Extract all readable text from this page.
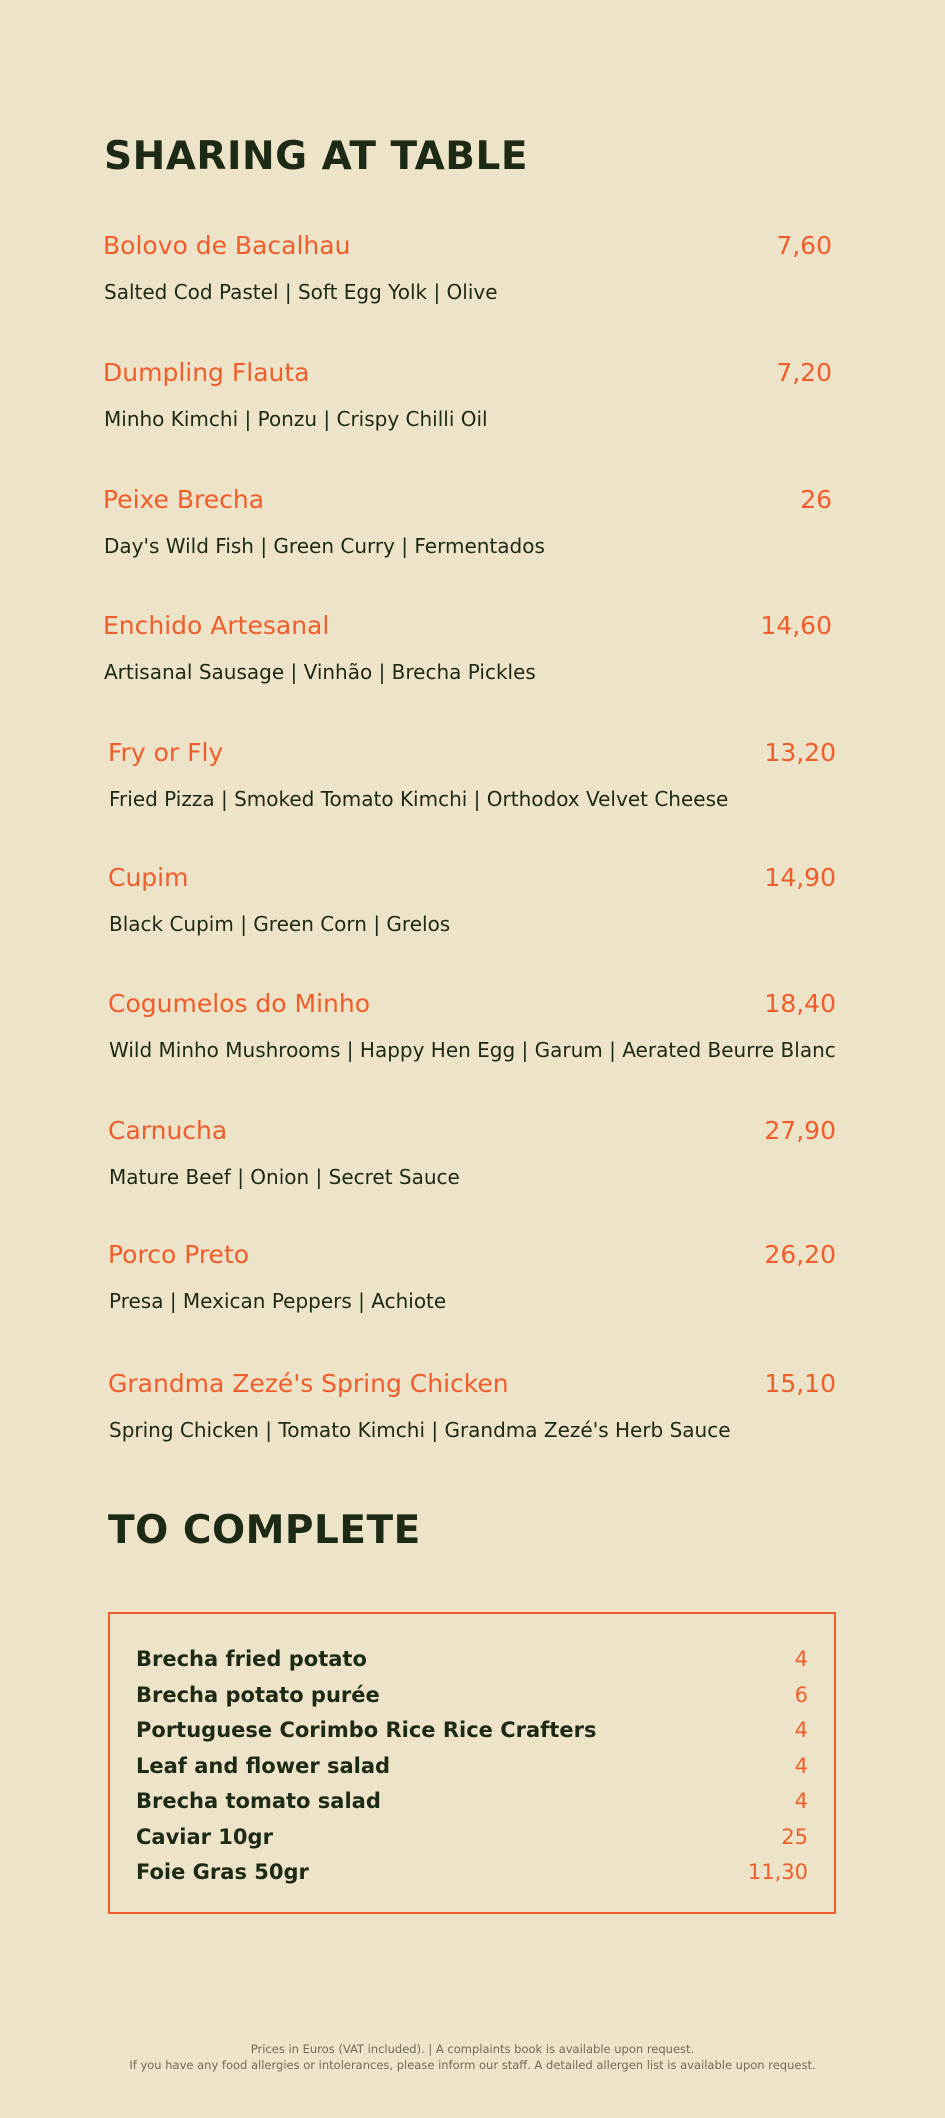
SHARING AT TABLE
Bolovo de Bacalhau	7,60
Salted Cod Pastel | Soft Egg Yolk | Olive
Dumpling Flauta	7,20
Minho Kimchi | Ponzu | Crispy Chilli Oil
Peixe Brecha	26
Day's Wild Fish | Green Curry | Fermentados
Enchido Artesanal	14,60
Artisanal Sausage | Vinhão | Brecha Pickles
Fry or Fly	13,20
Fried Pizza | Smoked Tomato Kimchi | Orthodox Velvet Cheese
Cupim	14,90
Black Cupim | Green Corn | Grelos
Cogumelos do Minho	18,40
Wild Minho Mushrooms | Happy Hen Egg | Garum | Aerated Beurre Blanc
Carnucha	27,90
Mature Beef | Onion | Secret Sauce
Porco Preto	26,20
Presa | Mexican Peppers | Achiote
Grandma Zezé's Spring Chicken	15,10
Spring Chicken | Tomato Kimchi | Grandma Zezé's Herb Sauce
TO COMPLETE
Brecha fried potato	4
Brecha potato purée	6
Portuguese Corimbo Rice Rice Crafters	4
Leaf and flower salad	4
Brecha tomato salad	4
Caviar 10gr	25
Foie Gras 50gr	11,30

Prices in Euros (VAT included). | A complaints book is available upon request.

If you have any food allergies or intolerances, please inform our staff. A detailed allergen list is available upon request.
